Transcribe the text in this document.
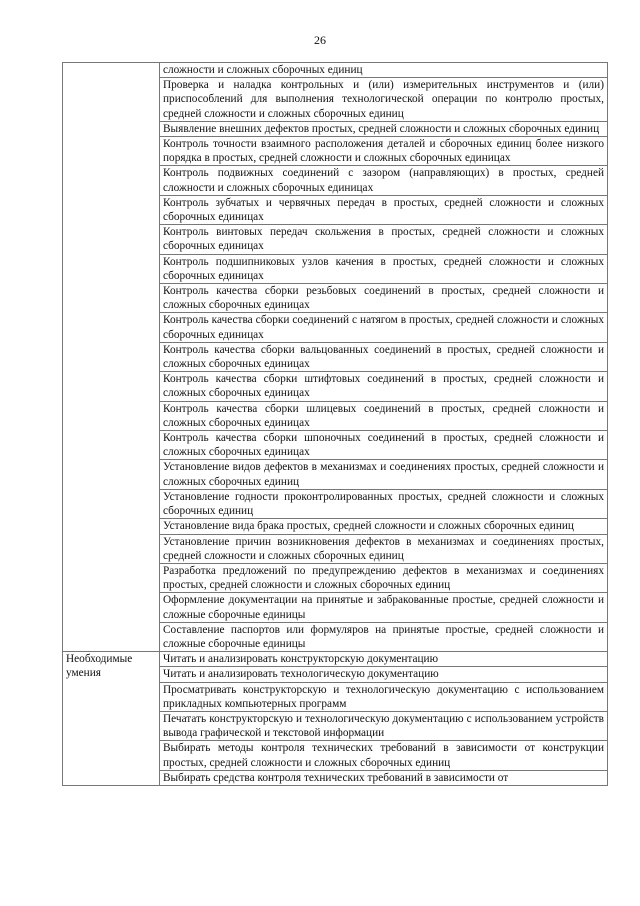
26
	сложности и сложных сборочных единиц
	Проверка и наладка контрольных и (или) измерительных инструментов и (или) приспособлений для выполнения технологической операции по контролю простых, средней сложности и сложных сборочных единиц
	Выявление внешних дефектов простых, средней сложности и сложных сборочных единиц
	Контроль точности взаимного расположения деталей и сборочных единиц более низкого порядка в простых, средней сложности и сложных сборочных единицах
	Контроль подвижных соединений с зазором (направляющих) в простых, средней сложности и сложных сборочных единицах
	Контроль зубчатых и червячных передач в простых, средней сложности и сложных сборочных единицах
	Контроль винтовых передач скольжения в простых, средней сложности и сложных сборочных единицах
	Контроль подшипниковых узлов качения в простых, средней сложности и сложных сборочных единицах
	Контроль качества сборки резьбовых соединений в простых, средней сложности и сложных сборочных единицах
	Контроль качества сборки соединений с натягом в простых, средней сложности и сложных сборочных единицах
	Контроль качества сборки вальцованных соединений в простых, средней сложности и сложных сборочных единицах
	Контроль качества сборки штифтовых соединений в простых, средней сложности и сложных сборочных единицах
	Контроль качества сборки шлицевых соединений в простых, средней сложности и сложных сборочных единицах
	Контроль качества сборки шпоночных соединений в простых, средней сложности и сложных сборочных единицах
	Установление видов дефектов в механизмах и соединениях простых, средней сложности и сложных сборочных единиц
	Установление годности проконтролированных простых, средней сложности и сложных сборочных единиц
	Установление вида брака простых, средней сложности и сложных сборочных единиц
	Установление причин возникновения дефектов в механизмах и соединениях простых, средней сложности и сложных сборочных единиц
	Разработка предложений по предупреждению дефектов в механизмах и соединениях простых, средней сложности и сложных сборочных единиц
	Оформление документации на принятые и забракованные простые, средней сложности и сложные сборочные единицы
	Составление паспортов или формуляров на принятые простые, средней сложности и сложные сборочные единицы
Необходимые умения	Читать и анализировать конструкторскую документацию
	Читать и анализировать технологическую документацию
	Просматривать конструкторскую и технологическую документацию с использованием прикладных компьютерных программ
	Печатать конструкторскую и технологическую документацию с использованием устройств вывода графической и текстовой информации
	Выбирать методы контроля технических требований в зависимости от конструкции простых, средней сложности и сложных сборочных единиц
	Выбирать средства контроля технических требований в зависимости от
